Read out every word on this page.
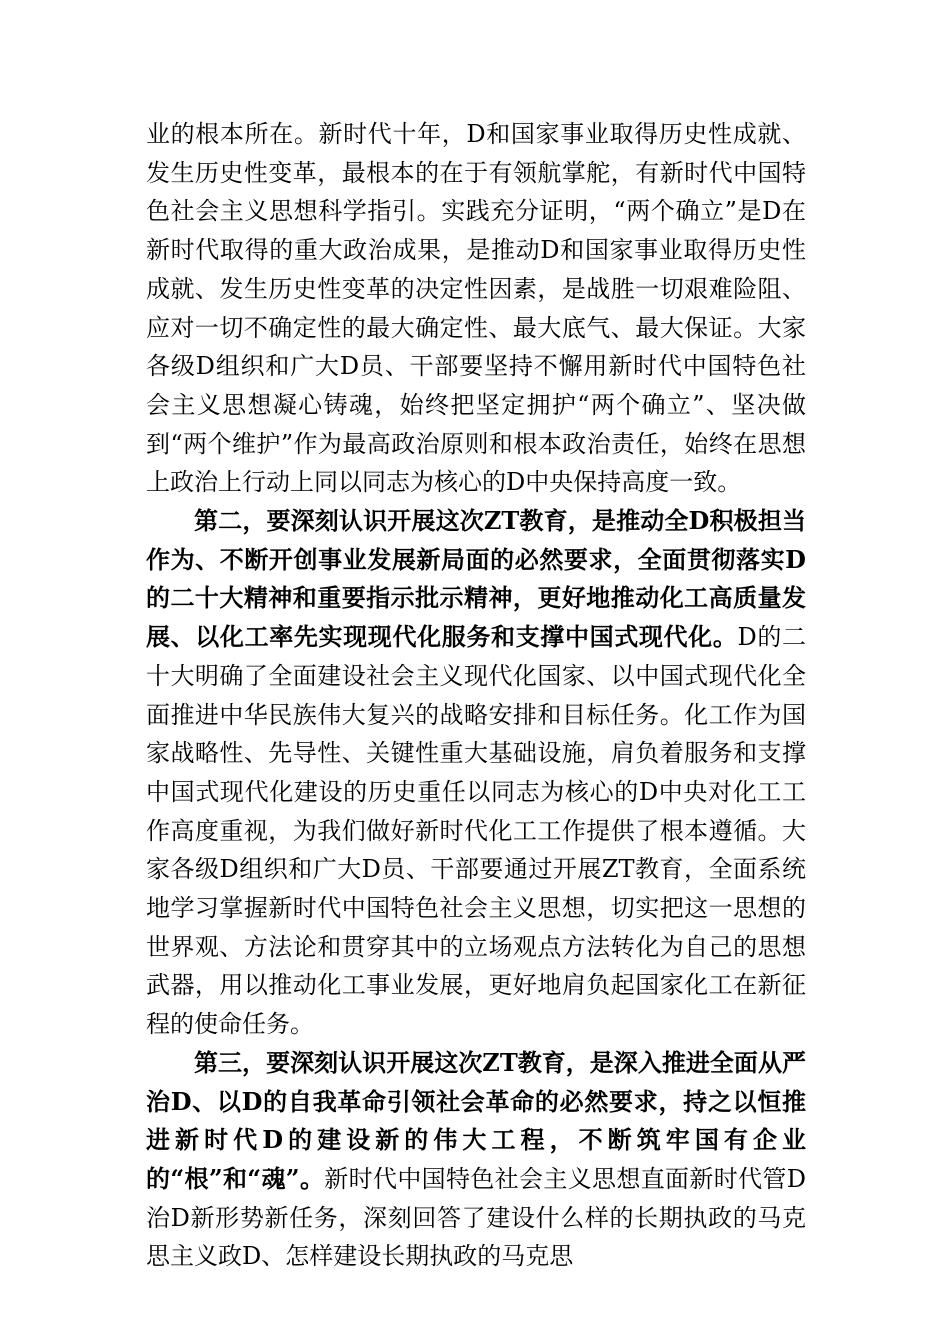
业的根本所在。新时代十年，D和国家事业取得历史性成就、发生历史性变革，最根本的在于有领航掌舵，有新时代中国特色社会主义思想科学指引。实践充分证明，“两个确立”是D在新时代取得的重大政治成果，是推动D和国家事业取得历史性成就、发生历史性变革的决定性因素，是战胜一切艰难险阻、应对一切不确定性的最大确定性、最大底气、最大保证。大家各级D组织和广大D员、干部要坚持不懈用新时代中国特色社会主义思想凝心铸魂，始终把坚定拥护“两个确立”、坚决做到“两个维护”作为最高政治原则和根本政治责任，始终在思想上政治上行动上同以同志为核心的D中央保持高度一致。

第二，要深刻认识开展这次ZT教育，是推动全D积极担当作为、不断开创事业发展新局面的必然要求，全面贯彻落实D的二十大精神和重要指示批示精神，更好地推动化工高质量发展、以化工率先实现现代化服务和支撑中国式现代化。D的二十大明确了全面建设社会主义现代化国家、以中国式现代化全面推进中华民族伟大复兴的战略安排和目标任务。化工作为国家战略性、先导性、关键性重大基础设施，肩负着服务和支撑中国式现代化建设的历史重任以同志为核心的D中央对化工工作高度重视，为我们做好新时代化工工作提供了根本遵循。大家各级D组织和广大D员、干部要通过开展ZT教育，全面系统地学习掌握新时代中国特色社会主义思想，切实把这一思想的世界观、方法论和贯穿其中的立场观点方法转化为自己的思想武器，用以推动化工事业发展，更好地肩负起国家化工在新征程的使命任务。

第三，要深刻认识开展这次ZT教育，是深入推进全面从严治D、以D的自我革命引领社会革命的必然要求，持之以恒推进新时代D的建设新的伟大工程，不断筑牢国有企业的“根”和“魂”。新时代中国特色社会主义思想直面新时代管D治D新形势新任务，深刻回答了建设什么样的长期执政的马克思主义政D、怎样建设长期执政的马克思
